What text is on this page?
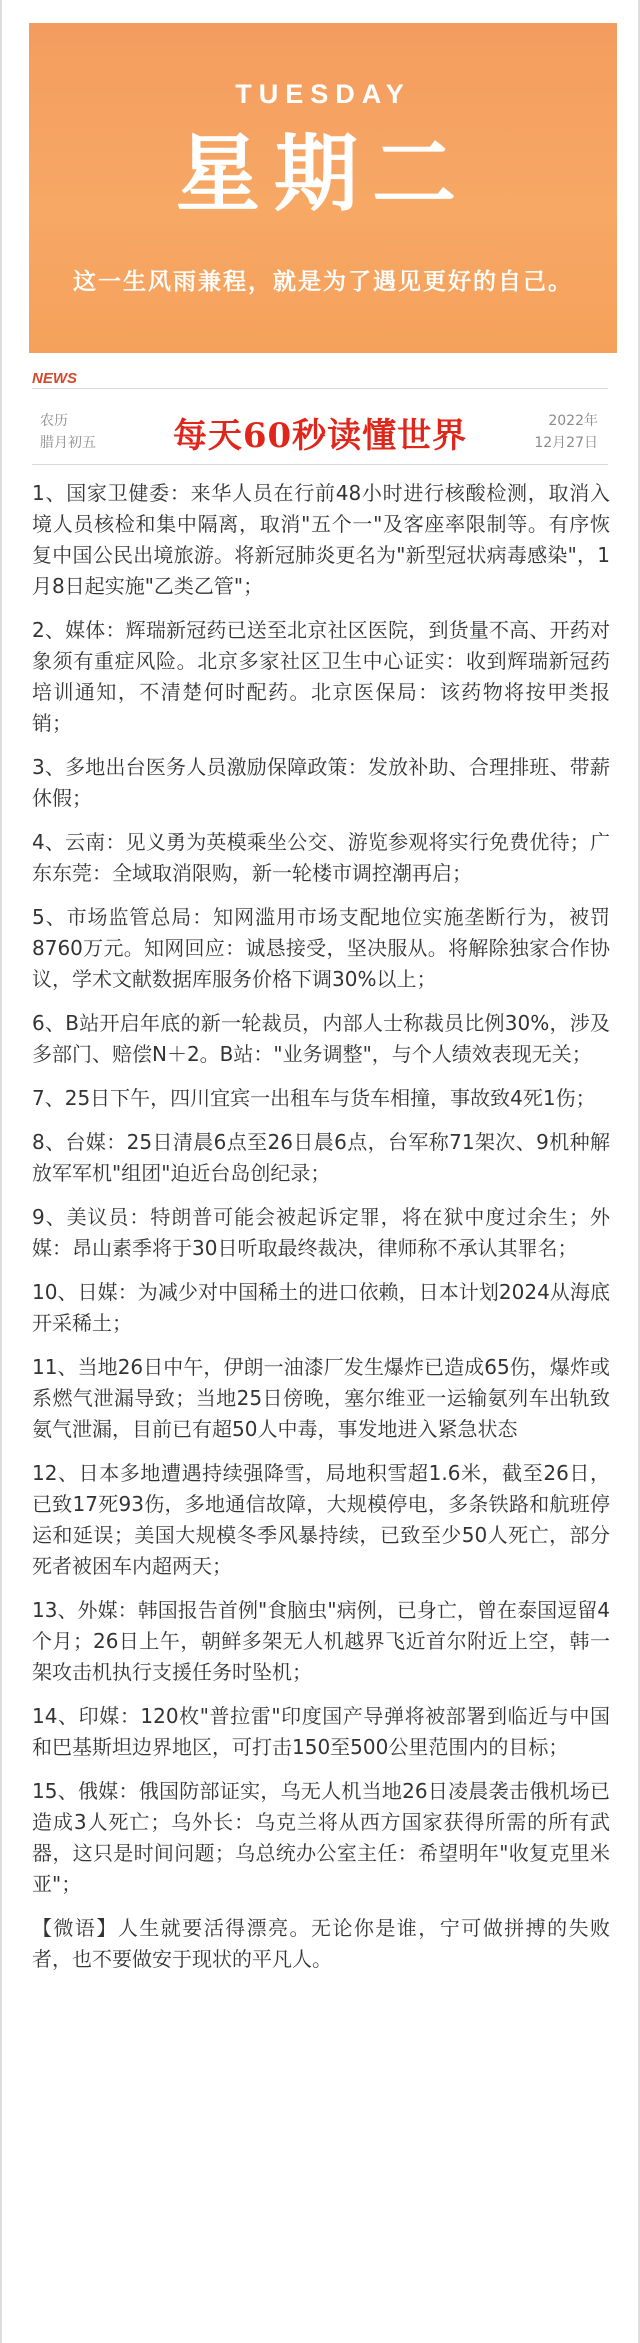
TUESDAY
星期二
这一生风雨兼程，就是为了遇见更好的自己。
NEWS
农历
腊月初五	每天60秒读懂世界	2022年
12月27日

1、国家卫健委：来华人员在行前48小时进行核酸检测，取消入境人员核检和集中隔离，取消"五个一"及客座率限制等。有序恢复中国公民出境旅游。将新冠肺炎更名为"新型冠状病毒感染"，1月8日起实施"乙类乙管"；

2、媒体：辉瑞新冠药已送至北京社区医院，到货量不高、开药对象须有重症风险。北京多家社区卫生中心证实：收到辉瑞新冠药培训通知，不清楚何时配药。北京医保局：该药物将按甲类报销；

3、多地出台医务人员激励保障政策：发放补助、合理排班、带薪休假；

4、云南：见义勇为英模乘坐公交、游览参观将实行免费优待；广东东莞：全域取消限购，新一轮楼市调控潮再启；

5、市场监管总局：知网滥用市场支配地位实施垄断行为，被罚8760万元。知网回应：诚恳接受，坚决服从。将解除独家合作协议，学术文献数据库服务价格下调30%以上；

6、B站开启年底的新一轮裁员，内部人士称裁员比例30%，涉及多部门、赔偿N＋2。B站："业务调整"，与个人绩效表现无关；

7、25日下午，四川宜宾一出租车与货车相撞，事故致4死1伤；

8、台媒：25日清晨6点至26日晨6点，台军称71架次、9机种解放军军机"组团"迫近台岛创纪录；

9、美议员：特朗普可能会被起诉定罪，将在狱中度过余生；外媒：昂山素季将于30日听取最终裁决，律师称不承认其罪名；

10、日媒：为减少对中国稀土的进口依赖，日本计划2024从海底开采稀土；

11、当地26日中午，伊朗一油漆厂发生爆炸已造成65伤，爆炸或系燃气泄漏导致；当地25日傍晚，塞尔维亚一运输氨列车出轨致氨气泄漏，目前已有超50人中毒，事发地进入紧急状态

12、日本多地遭遇持续强降雪，局地积雪超1.6米，截至26日，已致17死93伤，多地通信故障，大规模停电，多条铁路和航班停运和延误；美国大规模冬季风暴持续，已致至少50人死亡，部分死者被困车内超两天；

13、外媒：韩国报告首例"食脑虫"病例，已身亡，曾在泰国逗留4个月；26日上午，朝鲜多架无人机越界飞近首尔附近上空，韩一架攻击机执行支援任务时坠机；

14、印媒：120枚"普拉雷"印度国产导弹将被部署到临近与中国和巴基斯坦边界地区，可打击150至500公里范围内的目标；

15、俄媒：俄国防部证实，乌无人机当地26日凌晨袭击俄机场已造成3人死亡；乌外长：乌克兰将从西方国家获得所需的所有武器，这只是时间问题；乌总统办公室主任：希望明年"收复克里米亚"；

【微语】人生就要活得漂亮。无论你是谁，宁可做拼搏的失败者，也不要做安于现状的平凡人。
